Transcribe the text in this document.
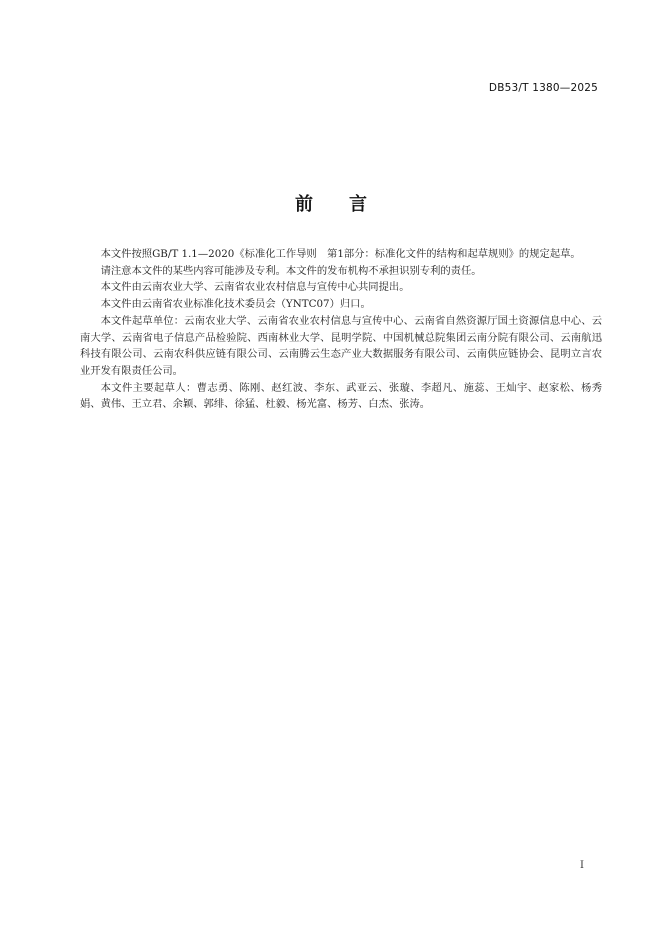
DB53/T 1380—2025
前言

本文件按照GB/T 1.1—2020《标准化工作导则　第1部分：标准化文件的结构和起草规则》的规定起草。

请注意本文件的某些内容可能涉及专利。本文件的发布机构不承担识别专利的责任。

本文件由云南农业大学、云南省农业农村信息与宣传中心共同提出。

本文件由云南省农业标准化技术委员会（YNTC07）归口。

本文件起草单位：云南农业大学、云南省农业农村信息与宣传中心、云南省自然资源厅国土资源信息中心、云南大学、云南省电子信息产品检验院、西南林业大学、昆明学院、中国机械总院集团云南分院有限公司、云南航迅科技有限公司、云南农科供应链有限公司、云南腾云生态产业大数据服务有限公司、云南供应链协会、昆明立言农业开发有限责任公司。

本文件主要起草人：曹志勇、陈刚、赵红波、李东、武亚云、张璇、李超凡、施蕊、王灿宇、赵家松、杨秀娟、黄伟、王立君、余颖、郭绯、徐猛、杜毅、杨光富、杨芳、白杰、张涛。

I
